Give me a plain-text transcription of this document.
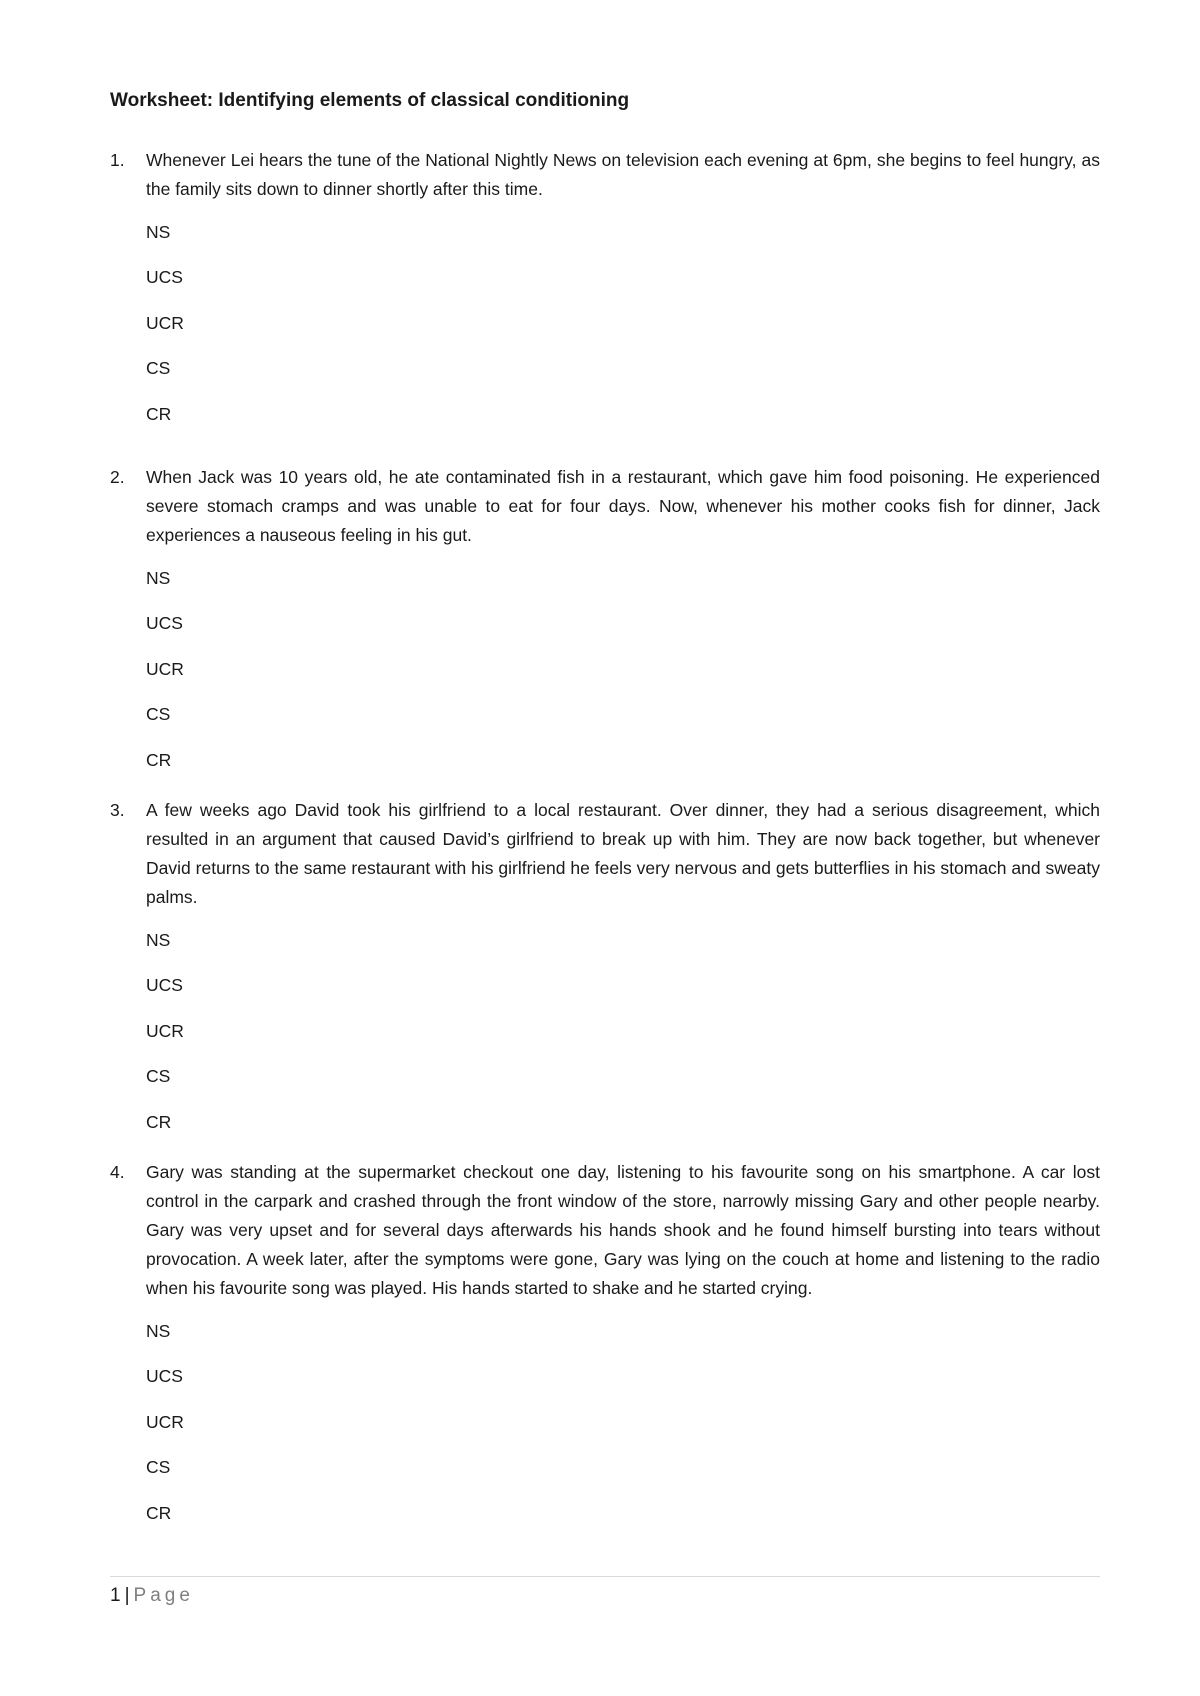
Worksheet: Identifying elements of classical conditioning
1.	Whenever Lei hears the tune of the National Nightly News on television each evening at 6pm, she begins to feel hungry, as the family sits down to dinner shortly after this time.
NS
UCS
UCR
CS
CR
2.	When Jack was 10 years old, he ate contaminated fish in a restaurant, which gave him food poisoning. He experienced severe stomach cramps and was unable to eat for four days. Now, whenever his mother cooks fish for dinner, Jack experiences a nauseous feeling in his gut.
NS
UCS
UCR
CS
CR
3.	A few weeks ago David took his girlfriend to a local restaurant. Over dinner, they had a serious disagreement, which resulted in an argument that caused David’s girlfriend to break up with him. They are now back together, but whenever David returns to the same restaurant with his girlfriend he feels very nervous and gets butterflies in his stomach and sweaty palms.
NS
UCS
UCR
CS
CR
4.	Gary was standing at the supermarket checkout one day, listening to his favourite song on his smartphone. A car lost control in the carpark and crashed through the front window of the store, narrowly missing Gary and other people nearby. Gary was very upset and for several days afterwards his hands shook and he found himself bursting into tears without provocation. A week later, after the symptoms were gone, Gary was lying on the couch at home and listening to the radio when his favourite song was played. His hands started to shake and he started crying.
NS
UCS
UCR
CS
CR
1 | Page
